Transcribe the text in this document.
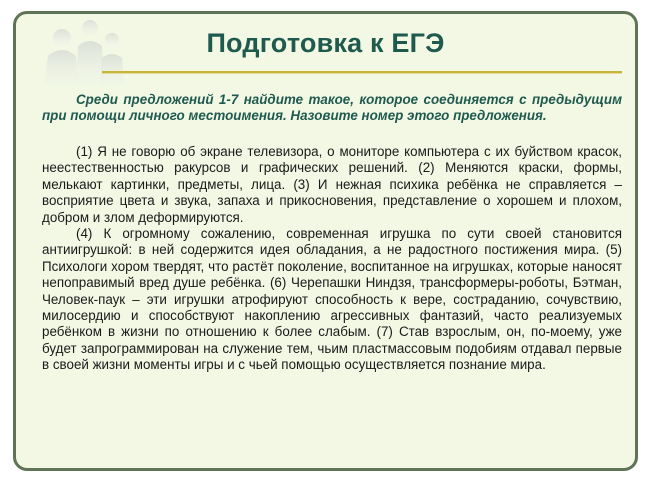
Подготовка к ЕГЭ

Среди предложений 1-7 найдите такое, которое соединяется с предыдущим при помощи личного местоимения. Назовите номер этого предложения.

(1) Я не говорю об экране телевизора, о мониторе компьютера с их буйством красок, неестественностью ракурсов и графических решений. (2) Меняются краски, формы, мелькают картинки, предметы, лица. (3) И нежная психика ребёнка не справляется – восприятие цвета и звука, запаха и прикосновения, представление о хорошем и плохом, добром и злом деформируются.

(4) К огромному сожалению, современная игрушка по сути своей становится антиигрушкой: в ней содержится идея обладания, а не радостного постижения мира. (5) Психологи хором твердят, что растёт поколение, воспитанное на игрушках, которые наносят непоправимый вред душе ребёнка. (6) Черепашки Ниндзя, трансформеры-роботы, Бэтман, Человек-паук – эти игрушки атрофируют способность к вере, состраданию, сочувствию, милосердию и способствуют накоплению агрессивных фантазий, часто реализуемых ребёнком в жизни по отношению к более слабым. (7) Став взрослым, он, по-моему, уже будет запрограммирован на служение тем, чьим пластмассовым подобиям отдавал первые в своей жизни моменты игры и с чьей помощью осуществляется познание мира.
